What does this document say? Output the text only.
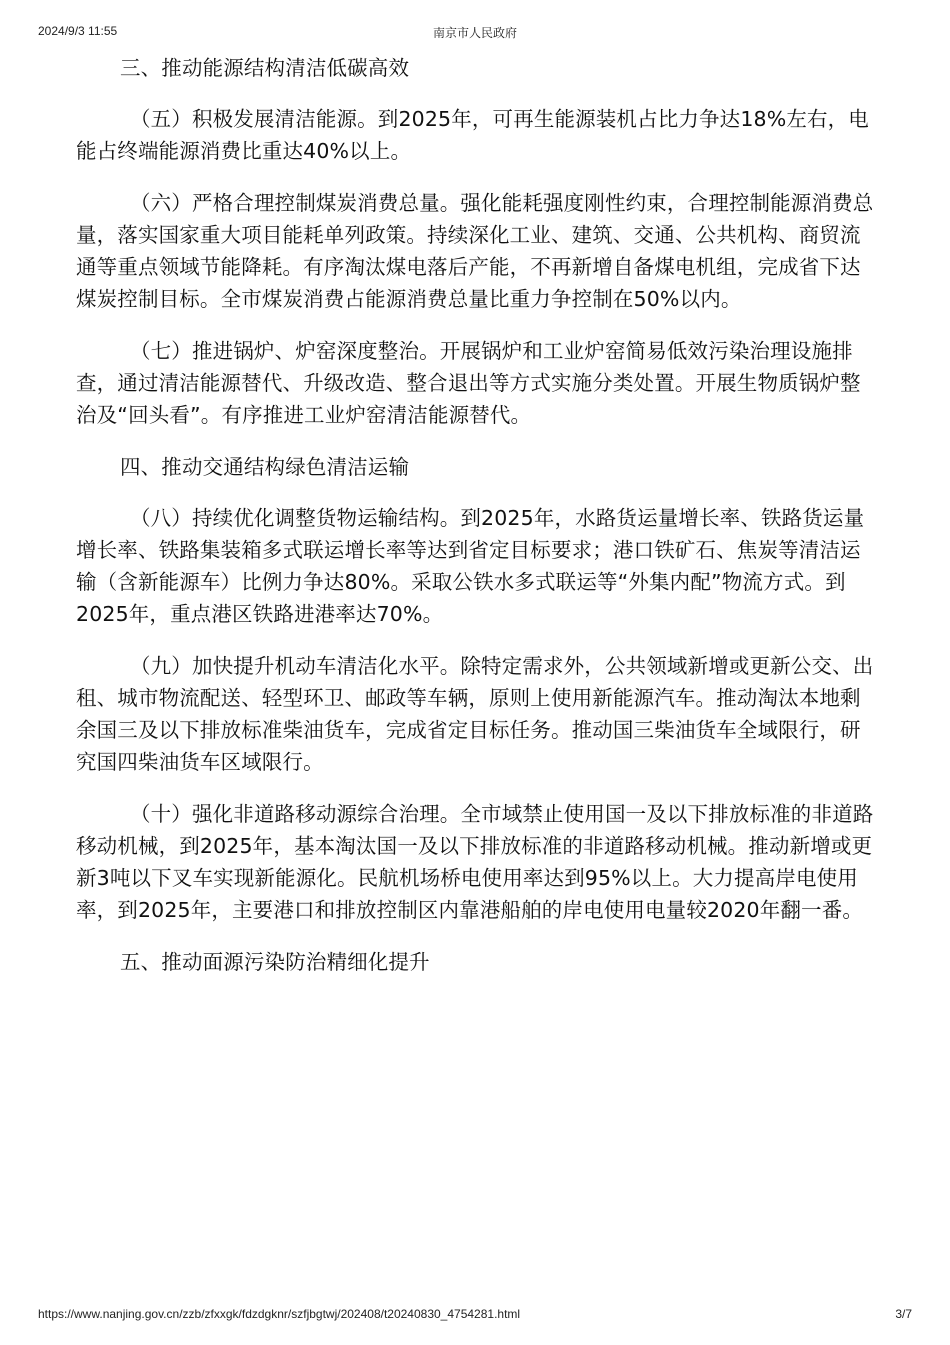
2024/9/3 11:55	南京市人民政府

三、推动能源结构清洁低碳高效

（五）积极发展清洁能源。到2025年，可再生能源装机占比力争达18%左右，电能占终端能源消费比重达40%以上。

（六）严格合理控制煤炭消费总量。强化能耗强度刚性约束，合理控制能源消费总量，落实国家重大项目能耗单列政策。持续深化工业、建筑、交通、公共机构、商贸流通等重点领域节能降耗。有序淘汰煤电落后产能，不再新增自备煤电机组，完成省下达煤炭控制目标。全市煤炭消费占能源消费总量比重力争控制在50%以内。

（七）推进锅炉、炉窑深度整治。开展锅炉和工业炉窑简易低效污染治理设施排查，通过清洁能源替代、升级改造、整合退出等方式实施分类处置。开展生物质锅炉整治及“回头看”。有序推进工业炉窑清洁能源替代。

四、推动交通结构绿色清洁运输

（八）持续优化调整货物运输结构。到2025年，水路货运量增长率、铁路货运量增长率、铁路集装箱多式联运增长率等达到省定目标要求；港口铁矿石、焦炭等清洁运输（含新能源车）比例力争达80%。采取公铁水多式联运等“外集内配”物流方式。到2025年，重点港区铁路进港率达70%。

（九）加快提升机动车清洁化水平。除特定需求外，公共领域新增或更新公交、出租、城市物流配送、轻型环卫、邮政等车辆，原则上使用新能源汽车。推动淘汰本地剩余国三及以下排放标准柴油货车，完成省定目标任务。推动国三柴油货车全域限行，研究国四柴油货车区域限行。

（十）强化非道路移动源综合治理。全市域禁止使用国一及以下排放标准的非道路移动机械，到2025年，基本淘汰国一及以下排放标准的非道路移动机械。推动新增或更新3吨以下叉车实现新能源化。民航机场桥电使用率达到95%以上。大力提高岸电使用率，到2025年，主要港口和排放控制区内靠港船舶的岸电使用电量较2020年翻一番。

五、推动面源污染防治精细化提升

https://www.nanjing.gov.cn/zzb/zfxxgk/fdzdgknr/szfjbgtwj/202408/t20240830_4754281.html	3/7
